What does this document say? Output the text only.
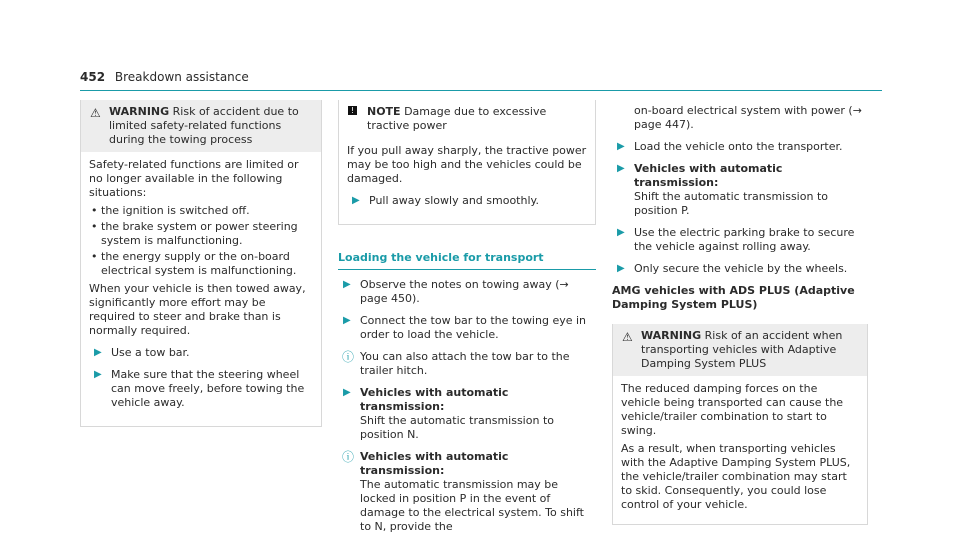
452 Breakdown assistance
⚠ WARNING Risk of accident due to limited safety-related functions during the towing process

Safety-related functions are limited or no longer available in the following situations:

• the ignition is switched off.
• the brake system or power steering system is malfunctioning.
• the energy supply or the on-board electrical system is malfunctioning.

When your vehicle is then towed away, significantly more effort may be required to steer and brake than is normally required.

▶ Use a tow bar.
▶ Make sure that the steering wheel can move freely, before towing the vehicle away.
! NOTE Damage due to excessive tractive power

If you pull away sharply, the tractive power may be too high and the vehicles could be damaged.

▶ Pull away slowly and smoothly.
Loading the vehicle for transport
▶ Observe the notes on towing away (→ page 450).
▶ Connect the tow bar to the towing eye in order to load the vehicle.
ⓘ You can also attach the tow bar to the trailer hitch.
▶ Vehicles with automatic transmission:
Shift the automatic transmission to position N.
ⓘ Vehicles with automatic transmission:
The automatic transmission may be locked in position P in the event of damage to the electrical system. To shift to N, provide the
on-board electrical system with power (→ page 447).
▶ Load the vehicle onto the transporter.
▶ Vehicles with automatic transmission:
Shift the automatic transmission to position P.
▶ Use the electric parking brake to secure the vehicle against rolling away.
▶ Only secure the vehicle by the wheels.
AMG vehicles with ADS PLUS (Adaptive Damping System PLUS)
⚠ WARNING Risk of an accident when transporting vehicles with Adaptive Damping System PLUS

The reduced damping forces on the vehicle being transported can cause the vehicle/trailer combination to start to swing.

As a result, when transporting vehicles with the Adaptive Damping System PLUS, the vehicle/trailer combination may start to skid. Consequently, you could lose control of your vehicle.
